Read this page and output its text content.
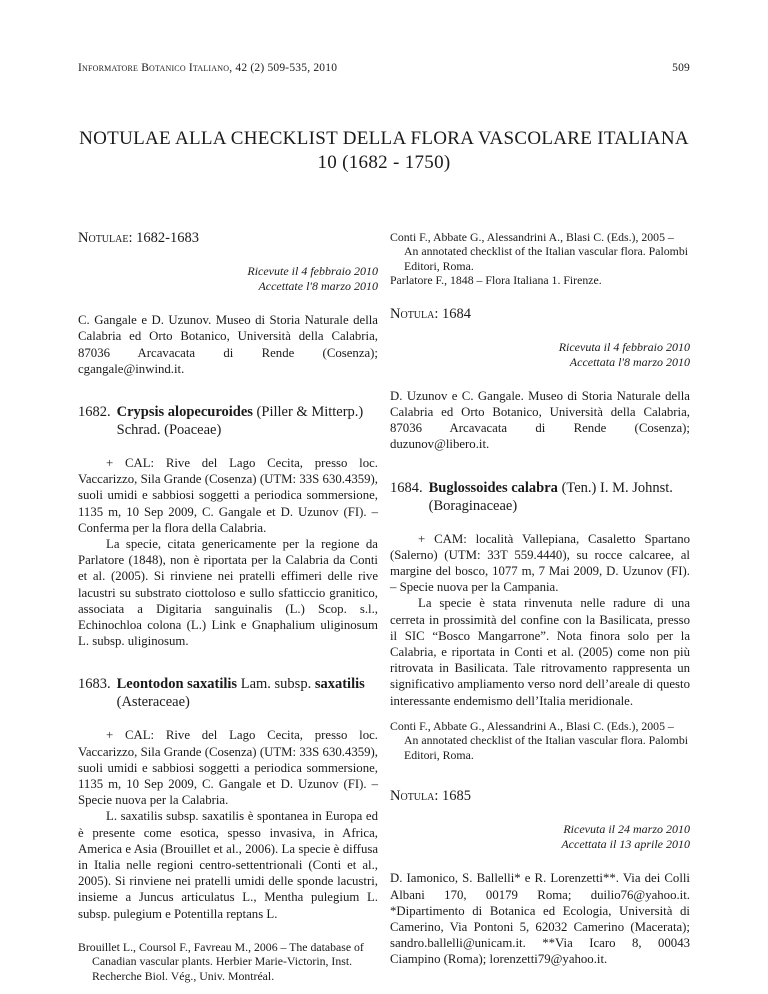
Informatore Botanico Italiano, 42 (2) 509-535, 2010	509
NOTULAE ALLA CHECKLIST DELLA FLORA VASCOLARE ITALIANA
10 (1682 - 1750)
Notulae: 1682-1683
Ricevute il 4 febbraio 2010
Accettate l'8 marzo 2010

C. Gangale e D. Uzunov. Museo di Storia Naturale della Calabria ed Orto Botanico, Università della Calabria, 87036 Arcavacata di Rende (Cosenza); cgangale@inwind.it.

1682. Crypsis alopecuroides (Piller & Mitterp.) Schrad. (Poaceae)

+ CAL: Rive del Lago Cecita, presso loc. Vaccarizzo, Sila Grande (Cosenza) (UTM: 33S 630.4359), suoli umidi e sabbiosi soggetti a periodica sommersione, 1135 m, 10 Sep 2009, C. Gangale et D. Uzunov (FI). – Conferma per la flora della Calabria.

La specie, citata genericamente per la regione da Parlatore (1848), non è riportata per la Calabria da Conti et al. (2005). Si rinviene nei pratelli effimeri delle rive lacustri su substrato ciottoloso e sullo sfatticcio granitico, associata a Digitaria sanguinalis (L.) Scop. s.l., Echinochloa colona (L.) Link e Gnaphalium uliginosum L. subsp. uliginosum.

1683. Leontodon saxatilis Lam. subsp. saxatilis (Asteraceae)

+ CAL: Rive del Lago Cecita, presso loc. Vaccarizzo, Sila Grande (Cosenza) (UTM: 33S 630.4359), suoli umidi e sabbiosi soggetti a periodica sommersione, 1135 m, 10 Sep 2009, C. Gangale et D. Uzunov (FI). – Specie nuova per la Calabria.

L. saxatilis subsp. saxatilis è spontanea in Europa ed è presente come esotica, spesso invasiva, in Africa, America e Asia (Brouillet et al., 2006). La specie è diffusa in Italia nelle regioni centro-settentrionali (Conti et al., 2005). Si rinviene nei pratelli umidi delle sponde lacustri, insieme a Juncus articulatus L., Mentha pulegium L. subsp. pulegium e Potentilla reptans L.

Brouillet L., Coursol F., Favreau M., 2006 – The database of Canadian vascular plants. Herbier Marie-Victorin, Inst. Recherche Biol. Vég., Univ. Montréal.

Conti F., Abbate G., Alessandrini A., Blasi C. (Eds.), 2005 – An annotated checklist of the Italian vascular flora. Palombi Editori, Roma.

Parlatore F., 1848 – Flora Italiana 1. Firenze.

Notula: 1684
Ricevuta il 4 febbraio 2010
Accettata l'8 marzo 2010

D. Uzunov e C. Gangale. Museo di Storia Naturale della Calabria ed Orto Botanico, Università della Calabria, 87036 Arcavacata di Rende (Cosenza); duzunov@libero.it.

1684. Buglossoides calabra (Ten.) I. M. Johnst. (Boraginaceae)

+ CAM: località Vallepiana, Casaletto Spartano (Salerno) (UTM: 33T 559.4440), su rocce calcaree, al margine del bosco, 1077 m, 7 Mai 2009, D. Uzunov (FI). – Specie nuova per la Campania.

La specie è stata rinvenuta nelle radure di una cerreta in prossimità del confine con la Basilicata, presso il SIC “Bosco Mangarrone”. Nota finora solo per la Calabria, e riportata in Conti et al. (2005) come non più ritrovata in Basilicata. Tale ritrovamento rappresenta un significativo ampliamento verso nord dell’areale di questo interessante endemismo dell’Italia meridionale.

Conti F., Abbate G., Alessandrini A., Blasi C. (Eds.), 2005 – An annotated checklist of the Italian vascular flora. Palombi Editori, Roma.

Notula: 1685
Ricevuta il 24 marzo 2010
Accettata il 13 aprile 2010

D. Iamonico, S. Ballelli* e R. Lorenzetti**. Via dei Colli Albani 170, 00179 Roma; duilio76@yahoo.it. *Dipartimento di Botanica ed Ecologia, Università di Camerino, Via Pontoni 5, 62032 Camerino (Macerata); sandro.ballelli@unicam.it. **Via Icaro 8, 00043 Ciampino (Roma); lorenzetti79@yahoo.it.
